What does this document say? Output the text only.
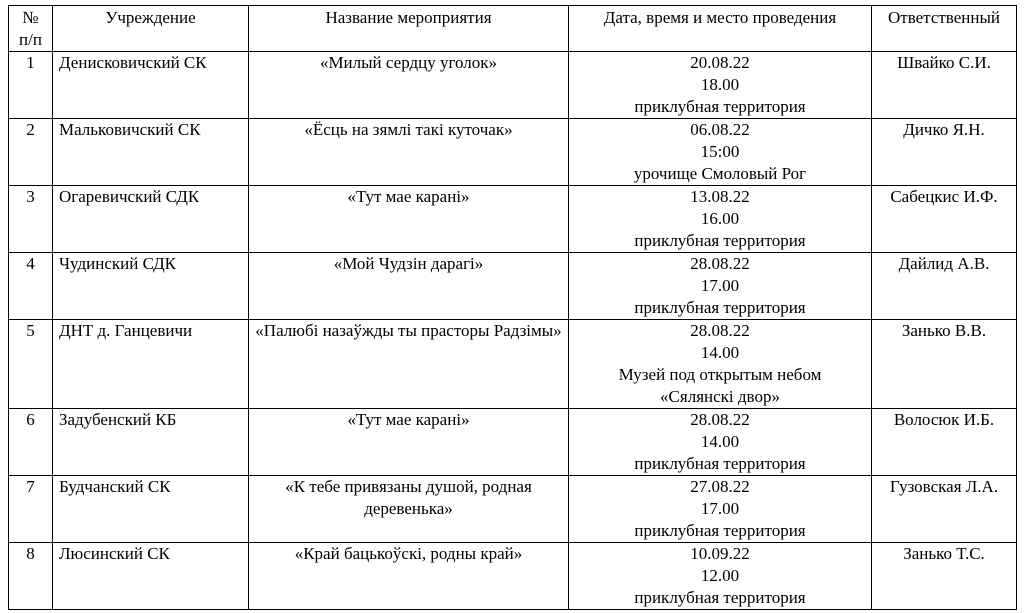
№
п/п	Учреждение	Название мероприятия	Дата, время и место проведения	Ответственный
1	Денисковичский СК	«Милый сердцу уголок»	20.08.22
18.00
приклубная территория	Швайко С.И.
2	Мальковичский СК	«Ёсць на зямлі такі куточак»	06.08.22
15:00
урочище Смоловый Рог	Дичко Я.Н.
3	Огаревичский СДК	«Тут мае карані»	13.08.22
16.00
приклубная территория	Сабецкис И.Ф.
4	Чудинский СДК	«Мой Чудзін дарагі»	28.08.22
17.00
приклубная территория	Дайлид А.В.
5	ДНТ д. Ганцевичи	«Палюбі назаўжды ты прасторы Радзімы»	28.08.22
14.00
Музей под открытым небом
«Сялянскі двор»	Занько В.В.
6	Задубенский КБ	«Тут мае карані»	28.08.22
14.00
приклубная территория	Волосюк И.Б.
7	Будчанский СК	«К тебе привязаны душой, родная деревенька»	27.08.22
17.00
приклубная территория	Гузовская Л.А.
8	Люсинский СК	«Край бацькоўскі, родны край»	10.09.22
12.00
приклубная территория	Занько Т.С.
